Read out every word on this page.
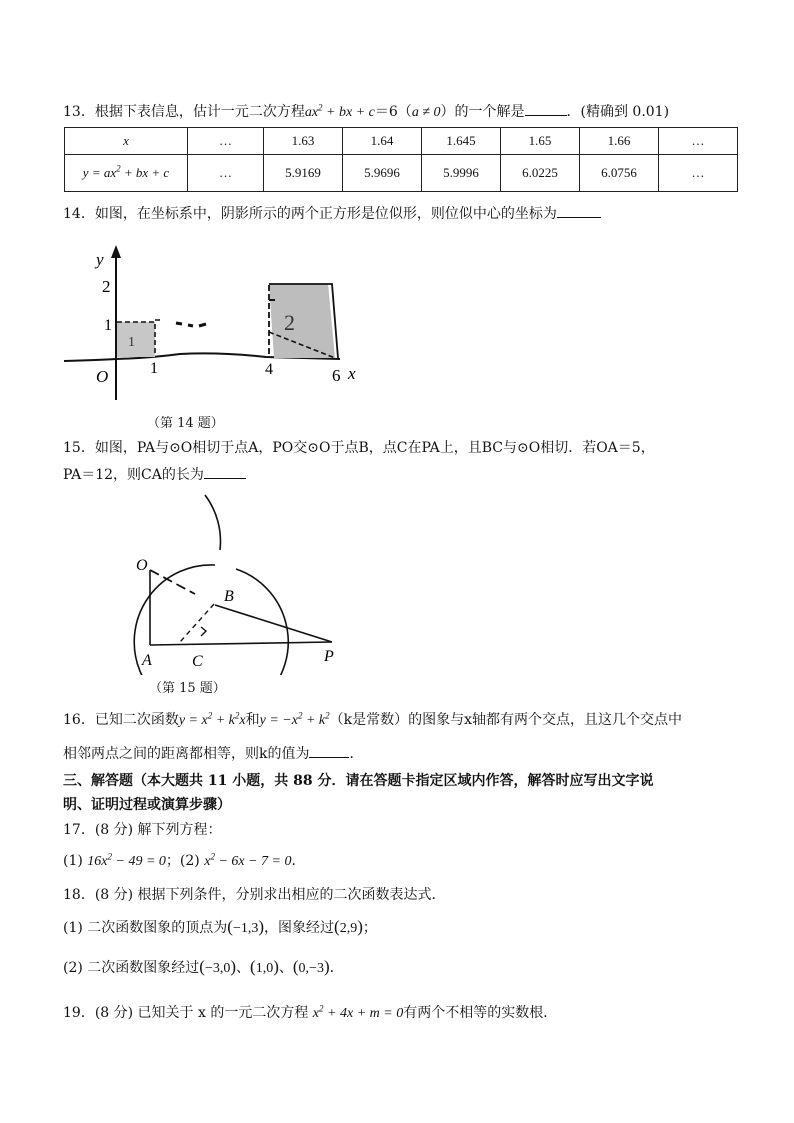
13．根据下表信息，估计一元二次方程$ax^2$ + bx + c＝6（a ≠ 0）的一个解是	．(精确到 0.01)
x	…	1.63	1.64	1.645	1.65	1.66	…
$y = ax^2$ + bx + c	…	5.9169	5.9696	5.9996	6.0225	6.0756	…
14．如图，在坐标系中，阴影所示的两个正方形是位似形，则位似中心的坐标为
y
2
1
O	1	4	6 x
1
2
（第 14 题）
15．如图，PA与⊙O相切于点A，PO交⊙O于点B，点C在PA上，且BC与⊙O相切．若OA＝5，
PA＝12，则CA的长为
O
B
A	C	P
（第 15 题）
16．已知二次函数$y = x^2 + k^2x$和$y = -x^2 + k^2(k$是常数）的图象与x轴都有两个交点，且这几个交点中
相邻两点之间的距离都相等，则k的值为	．
三、解答题（本大题共 11 小题，共 88 分．请在答题卡指定区域内作答，解答时应写出文字说
明、证明过程或演算步骤）
17．(8 分) 解下列方程：
(1) $16x^2 - 49 = 0$；(2) $x^2 - 6x - 7 = 0$．
18．(8 分) 根据下列条件，分别求出相应的二次函数表达式．
(1) 二次函数图象的顶点为(−1,3)，图象经过(2,9)；
(2) 二次函数图象经过(−3,0)、(1,0)、(0,−3)．
19．(8 分) 已知关于 x 的一元二次方程 $x^2 + 4x + m = 0$有两个不相等的实数根．
